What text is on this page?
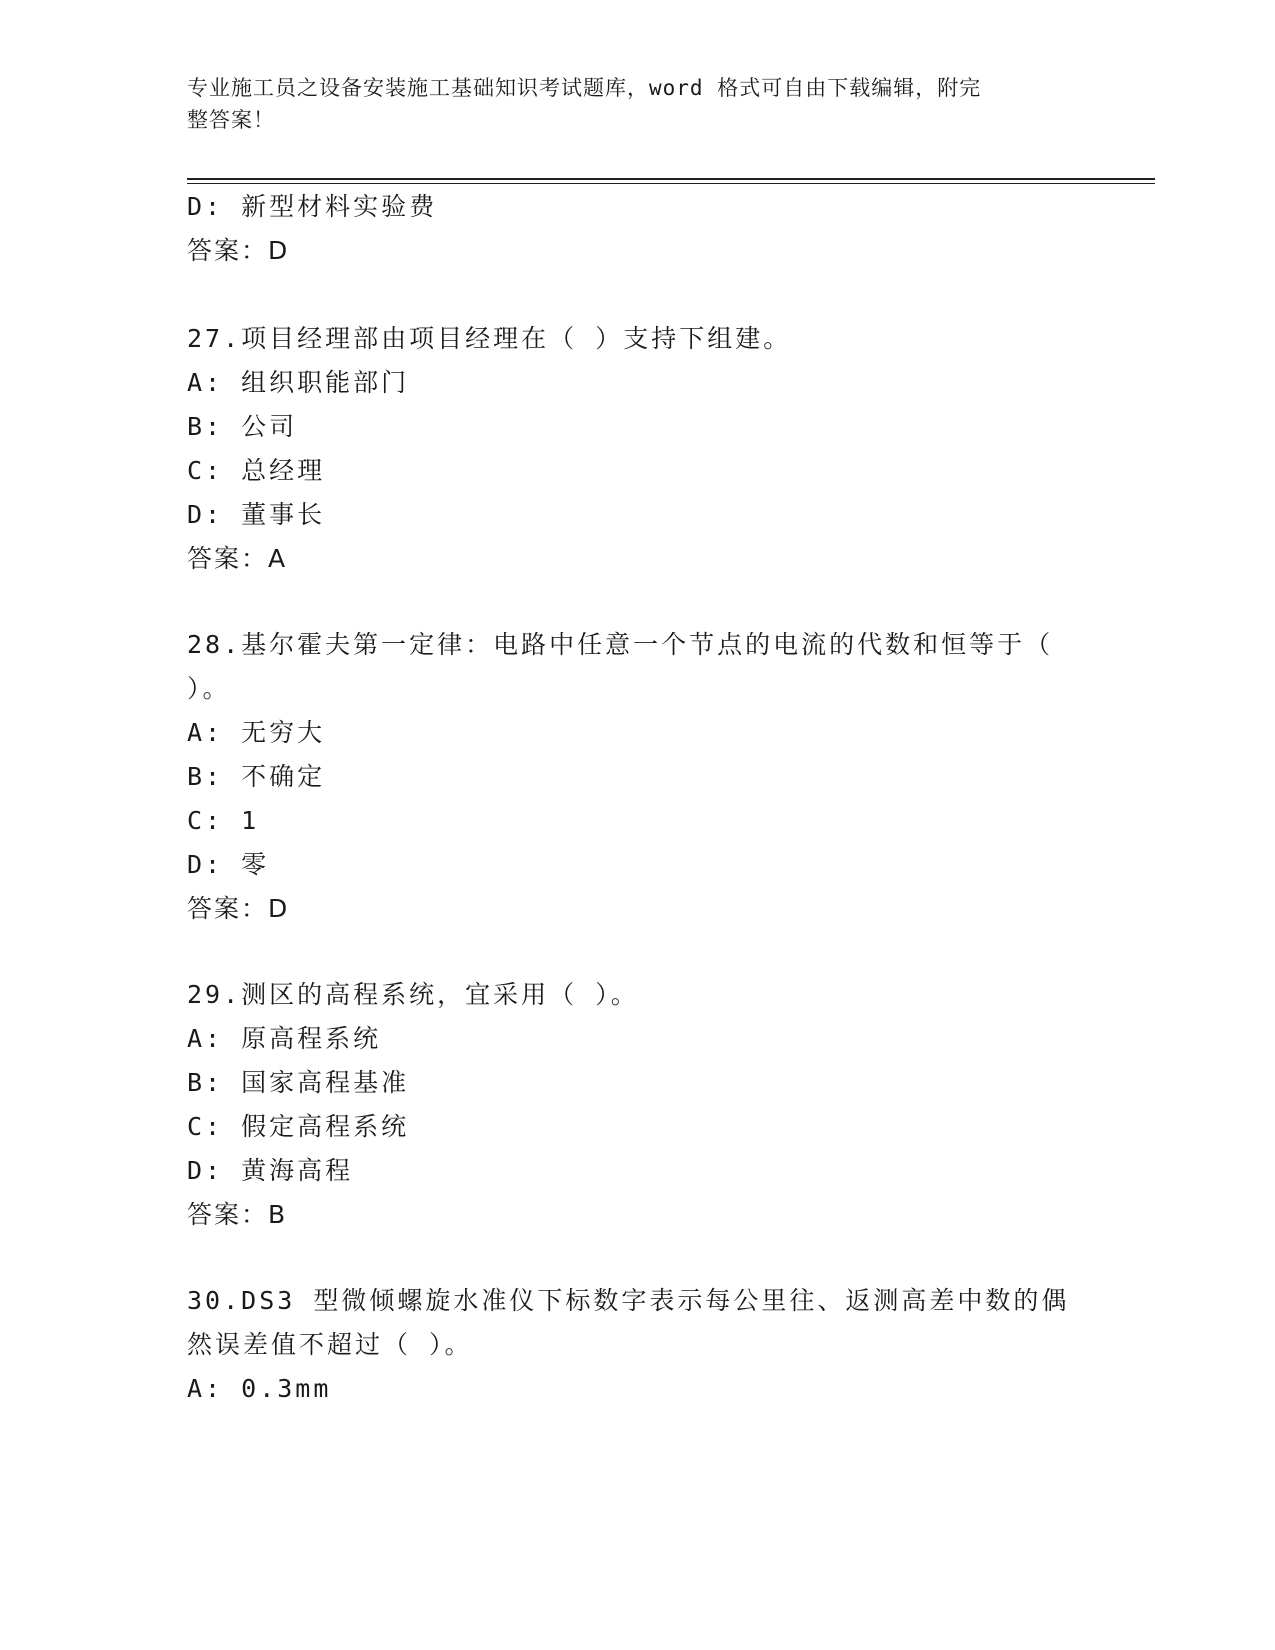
专业施工员之设备安装施工基础知识考试题库，word 格式可自由下载编辑，附完
整答案！

D: 新型材料实验费

答案：D

27.项目经理部由项目经理在（ ）支持下组建。

A: 组织职能部门

B: 公司

C: 总经理

D: 董事长

答案：A

28.基尔霍夫第一定律：电路中任意一个节点的电流的代数和恒等于（

）。

A: 无穷大

B: 不确定

C: 1

D: 零

答案：D

29.测区的高程系统，宜采用（ ）。

A: 原高程系统

B: 国家高程基准

C: 假定高程系统

D: 黄海高程

答案：B

30.DS3 型微倾螺旋水准仪下标数字表示每公里往、返测高差中数的偶

然误差值不超过（ ）。

A: 0.3mm
